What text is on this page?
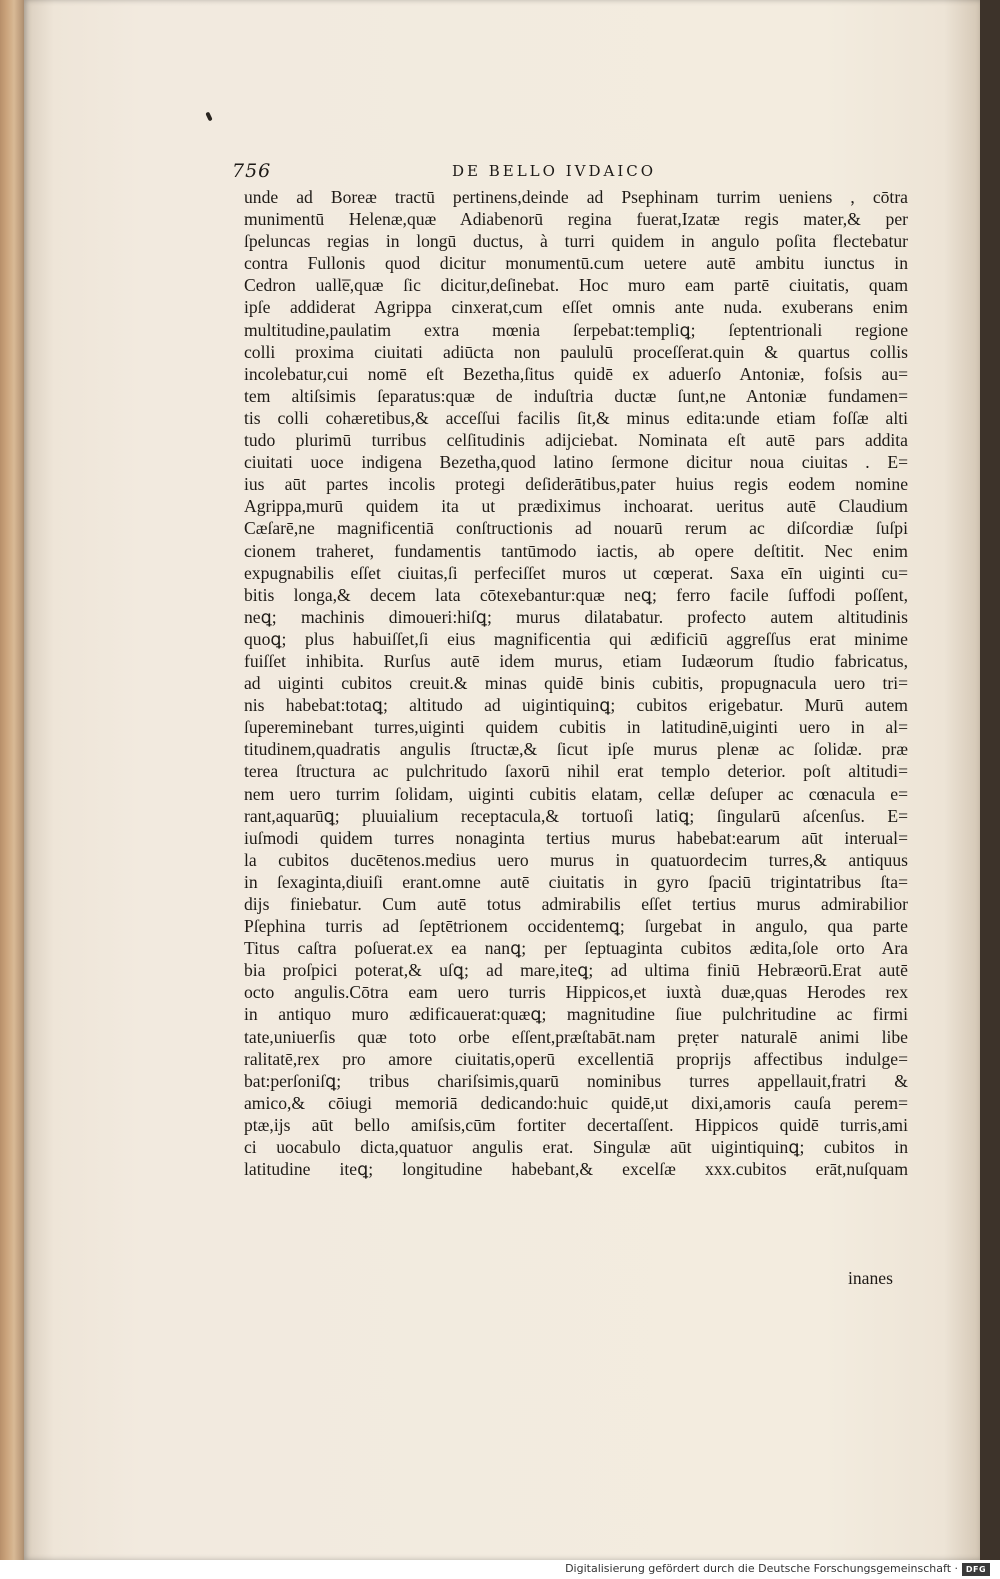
756	DE BELLO IVDAICO
unde ad Boreæ tractū pertinens,deinde ad Psephinam turrim ueniens , cōtra
munimentū Helenæ,quæ Adiabenorū regina fuerat,Izatæ regis mater,& per
ſpeluncas regias in longū ductus, à turri quidem in angulo poſita flectebatur
contra Fullonis quod dicitur monumentū.cum uetere autē ambitu iunctus in
Cedron ualle̅,quæ ſic dicitur,deſinebat. Hoc muro eam partē ciuitatis, quam
ipſe addiderat Agrippa cinxerat,cum eſſet omnis ante nuda. exuberans enim
multitudine,paulatim extra mœnia ſerpebat:templiꝗ; ſeptentrionali regione
colli proxima ciuitati adiūcta non paululū proceſſerat.quin & quartus collis
incolebatur,cui nomē eſt Bezetha,ſitus quidē ex aduerſo Antoniæ, foſsis au=
tem altiſsimis ſeparatus:quæ de induſtria ductæ ſunt,ne Antoniæ fundamen=
tis colli cohæretibus,& acceſſui facilis ſit,& minus edita:unde etiam foſſæ alti
tudo plurimū turribus celſitudinis adijciebat. Nominata eſt autē pars addita
ciuitati uoce indigena Bezetha,quod latino ſermone dicitur noua ciuitas . E=
ius aūt partes incolis protegi deſiderātibus,pater huius regis eodem nomine
Agrippa,murū quidem ita ut prædiximus inchoarat. ueritus autē Claudium
Cæſarē,ne magnificentiā conſtructionis ad nouarū rerum ac diſcordiæ ſuſpi
cionem traheret, fundamentis tantūmodo iactis, ab opere deſtitit. Nec enim
expugnabilis eſſet ciuitas,ſi perfeciſſet muros ut cœperat. Saxa eīn uiginti cu=
bitis longa,& decem lata cōtexebantur:quæ neꝗ; ferro facile ſuffodi poſſent,
neꝗ; machinis dimoueri:hiſꝗ; murus dilatabatur. profecto autem altitudinis
quoꝗ; plus habuiſſet,ſi eius magnificentia qui ædificiū aggreſſus erat minime
fuiſſet inhibita. Rurſus autē idem murus, etiam Iudæorum ſtudio fabricatus,
ad uiginti cubitos creuit.& minas quidē binis cubitis, propugnacula uero tri=
nis habebat:totaꝗ; altitudo ad uigintiquinꝗ; cubitos erigebatur. Murū autem
ſupereminebant turres,uiginti quidem cubitis in latitudinē,uiginti uero in al=
titudinem,quadratis angulis ſtructæ,& ſicut ipſe murus plenæ ac ſolidæ. præ
terea ſtructura ac pulchritudo ſaxorū nihil erat templo deterior. poſt altitudi=
nem uero turrim ſolidam, uiginti cubitis elatam, cellæ deſuper ac cœnacula e=
rant,aquarūꝗ; pluuialium receptacula,& tortuoſi latiꝗ; ſingularū aſcenſus. E=
iuſmodi quidem turres nonaginta tertius murus habebat:earum aūt interual=
la cubitos ducētenos.medius uero murus in quatuordecim turres,& antiquus
in ſexaginta,diuiſi erant.omne autē ciuitatis in gyro ſpaciū trigintatribus ſta=
dijs finiebatur. Cum autē totus admirabilis eſſet tertius murus admirabilior
Pſephina turris ad ſeptētrionem occidentemꝗ; ſurgebat in angulo, qua parte
Titus caſtra poſuerat.ex ea nanꝗ; per ſeptuaginta cubitos ædita,ſole orto Ara
bia proſpici poterat,& uſꝗ; ad mare,iteꝗ; ad ultima finiū Hebræorū.Erat autē
octo angulis.Cōtra eam uero turris Hippicos,et iuxtà duæ,quas Herodes rex
in antiquo muro ædificauerat:quæꝗ; magnitudine ſiue pulchritudine ac firmi
tate,uniuerſis quæ toto orbe eſſent,præſtabāt.nam prẹter naturalē animi libe
ralitatē,rex pro amore ciuitatis,operū excellentiā proprijs affectibus indulge=
bat:perſoniſꝗ; tribus chariſsimis,quarū nominibus turres appellauit,fratri &
amico,& cōiugi memoriā dedicando:huic quidē,ut dixi,amoris cauſa perem=
ptæ,ijs aūt bello amiſsis,cūm fortiter decertaſſent. Hippicos quidē turris,ami
ci uocabulo dicta,quatuor angulis erat. Singulæ aūt uigintiquinꝗ; cubitos in
latitudine iteꝗ; longitudine habebant,& excelſæ xxx.cubitos erāt,nuſquam
inanes
Digitalisierung gefördert durch die Deutsche Forschungsgemeinschaft · DFG
